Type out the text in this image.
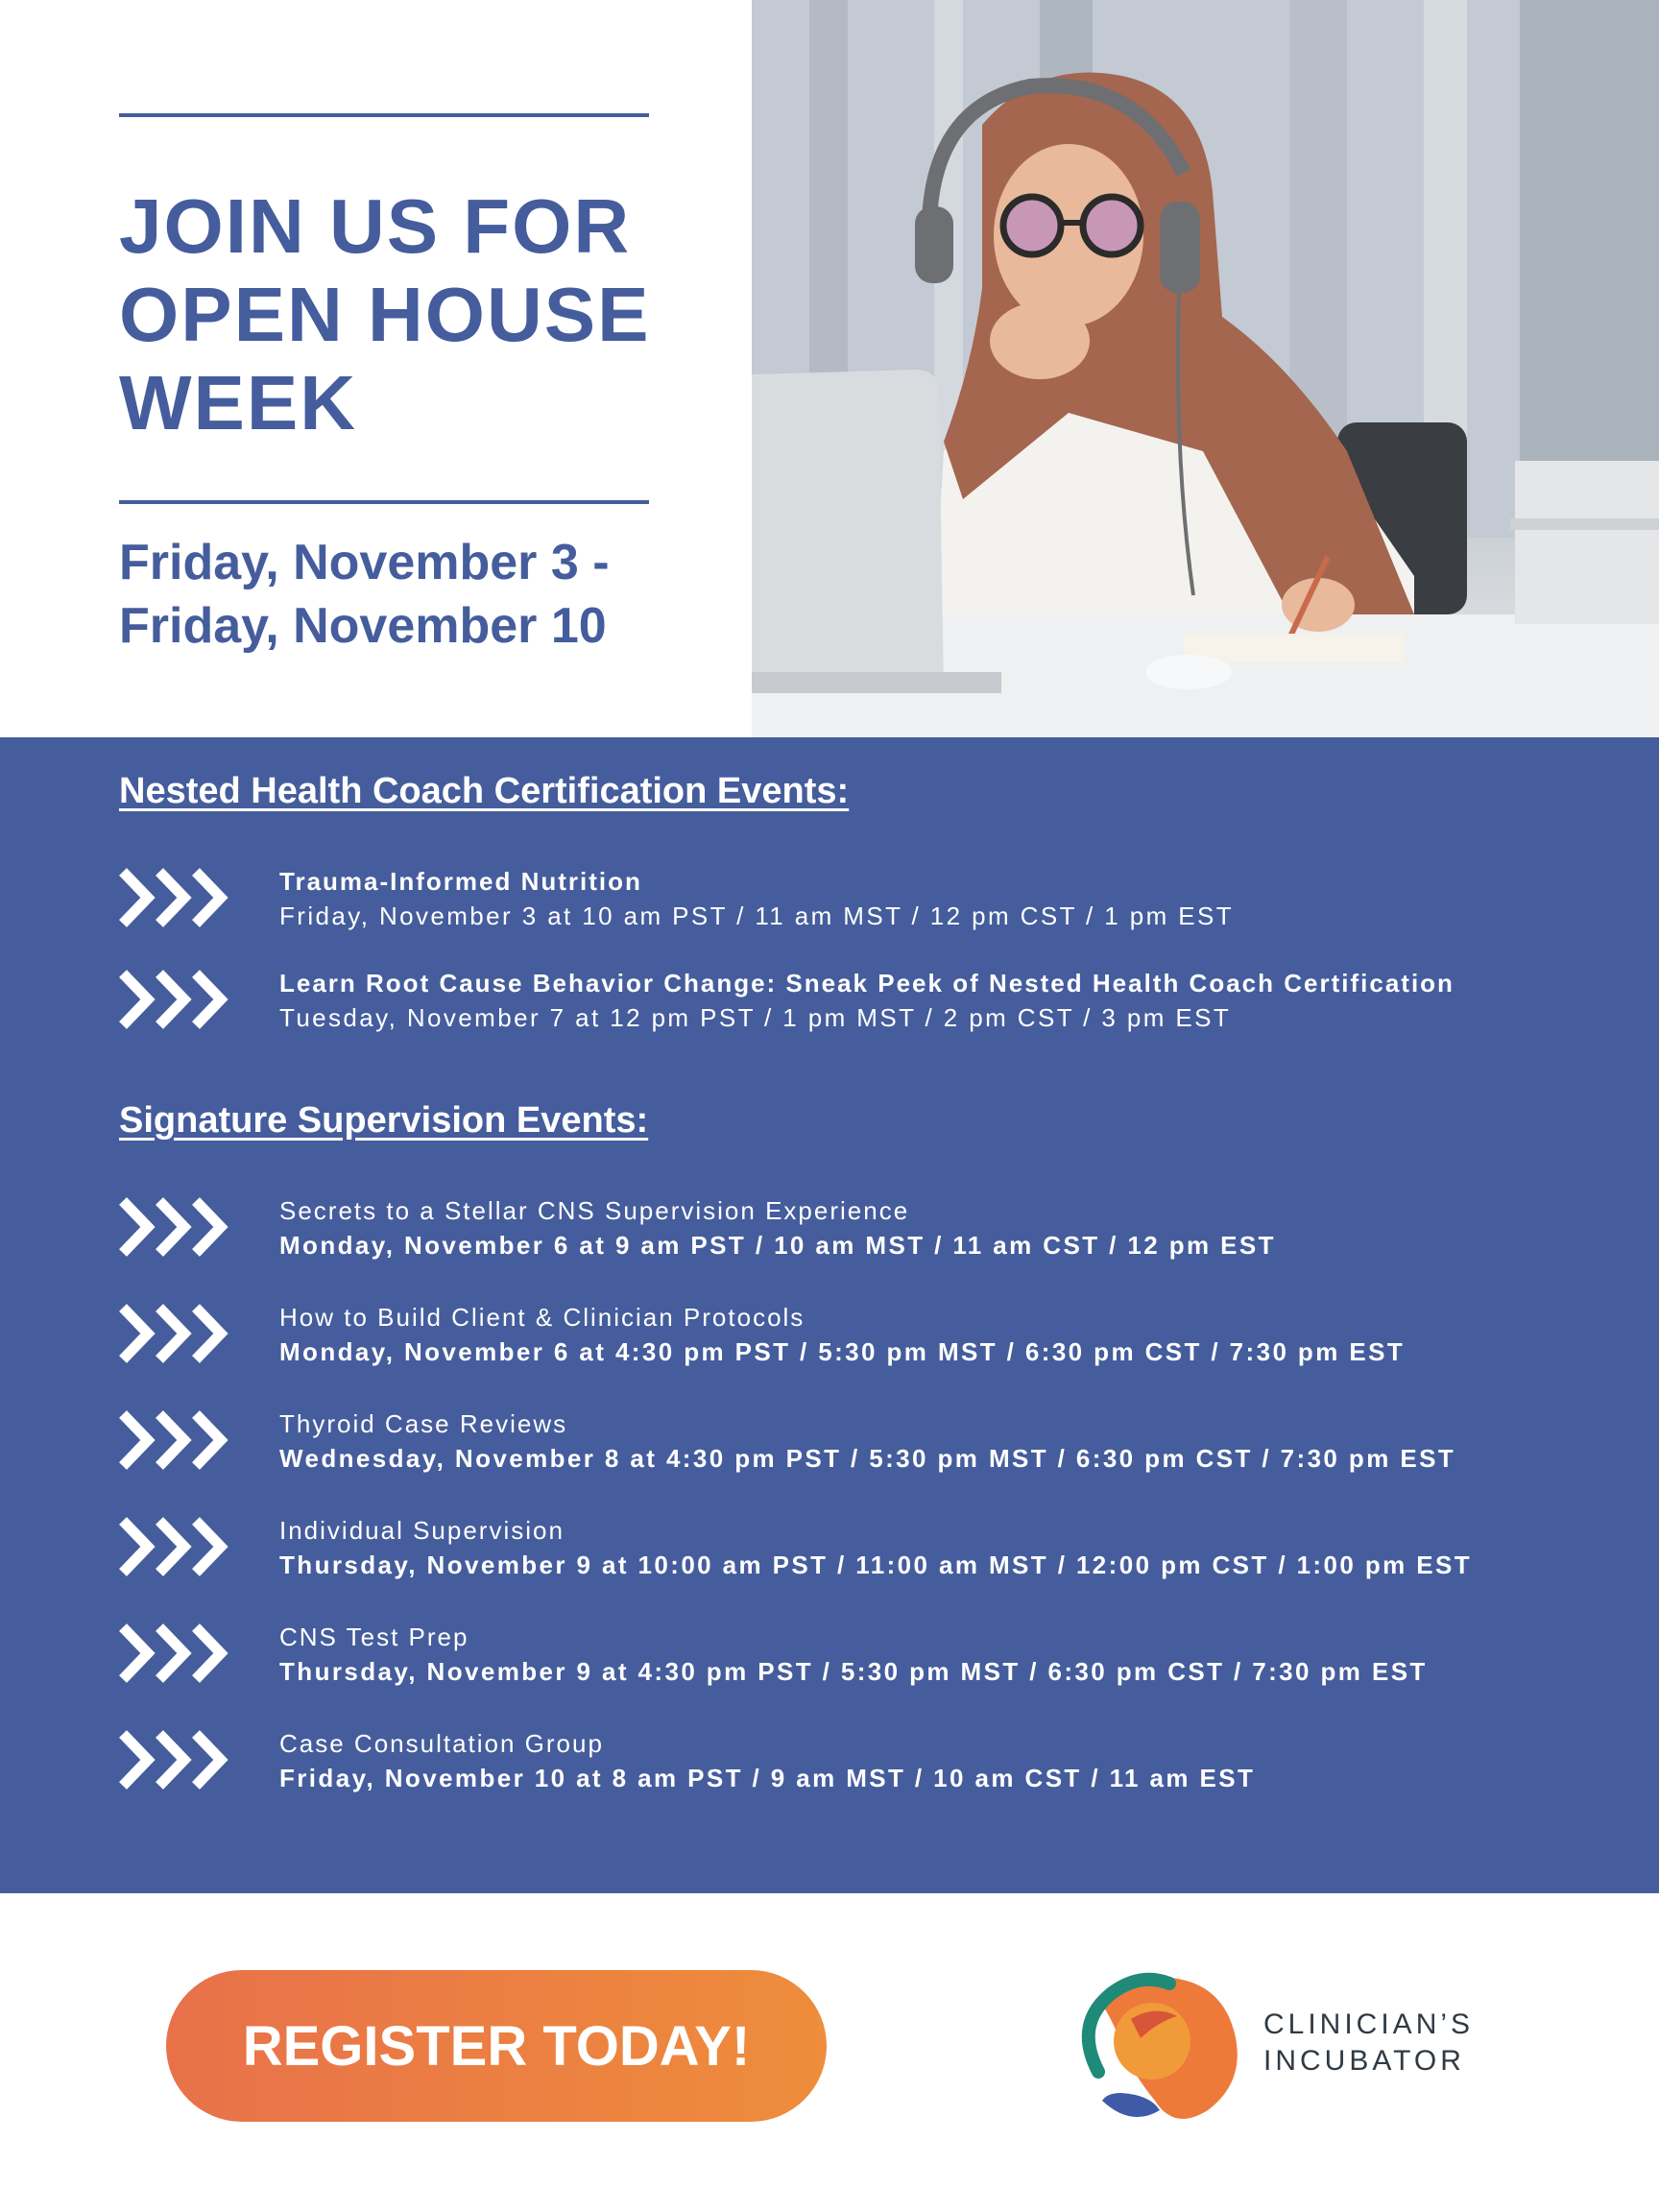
JOIN US FOR
OPEN HOUSE
WEEK
Friday, November 3 -
Friday, November 10
Nested Health Coach Certification Events:
Trauma-Informed Nutrition
Friday, November 3 at 10 am PST / 11 am MST / 12 pm CST / 1 pm EST
Learn Root Cause Behavior Change: Sneak Peek of Nested Health Coach Certification
Tuesday, November 7 at 12 pm PST / 1 pm MST / 2 pm CST / 3 pm EST
Signature Supervision Events:
Secrets to a Stellar CNS Supervision Experience
Monday, November 6 at 9 am PST / 10 am MST / 11 am CST / 12 pm EST
How to Build Client & Clinician Protocols
Monday, November 6 at 4:30 pm PST / 5:30 pm MST / 6:30 pm CST / 7:30 pm EST
Thyroid Case Reviews
Wednesday, November 8 at 4:30 pm PST / 5:30 pm MST / 6:30 pm CST / 7:30 pm EST
Individual Supervision
Thursday, November 9 at 10:00 am PST / 11:00 am MST / 12:00 pm CST / 1:00 pm EST
CNS Test Prep
Thursday, November 9 at 4:30 pm PST / 5:30 pm MST / 6:30 pm CST / 7:30 pm EST
Case Consultation Group
Friday, November 10 at 8 am PST / 9 am MST / 10 am CST / 11 am EST
REGISTER TODAY!	CLINICIAN’S
INCUBATOR
